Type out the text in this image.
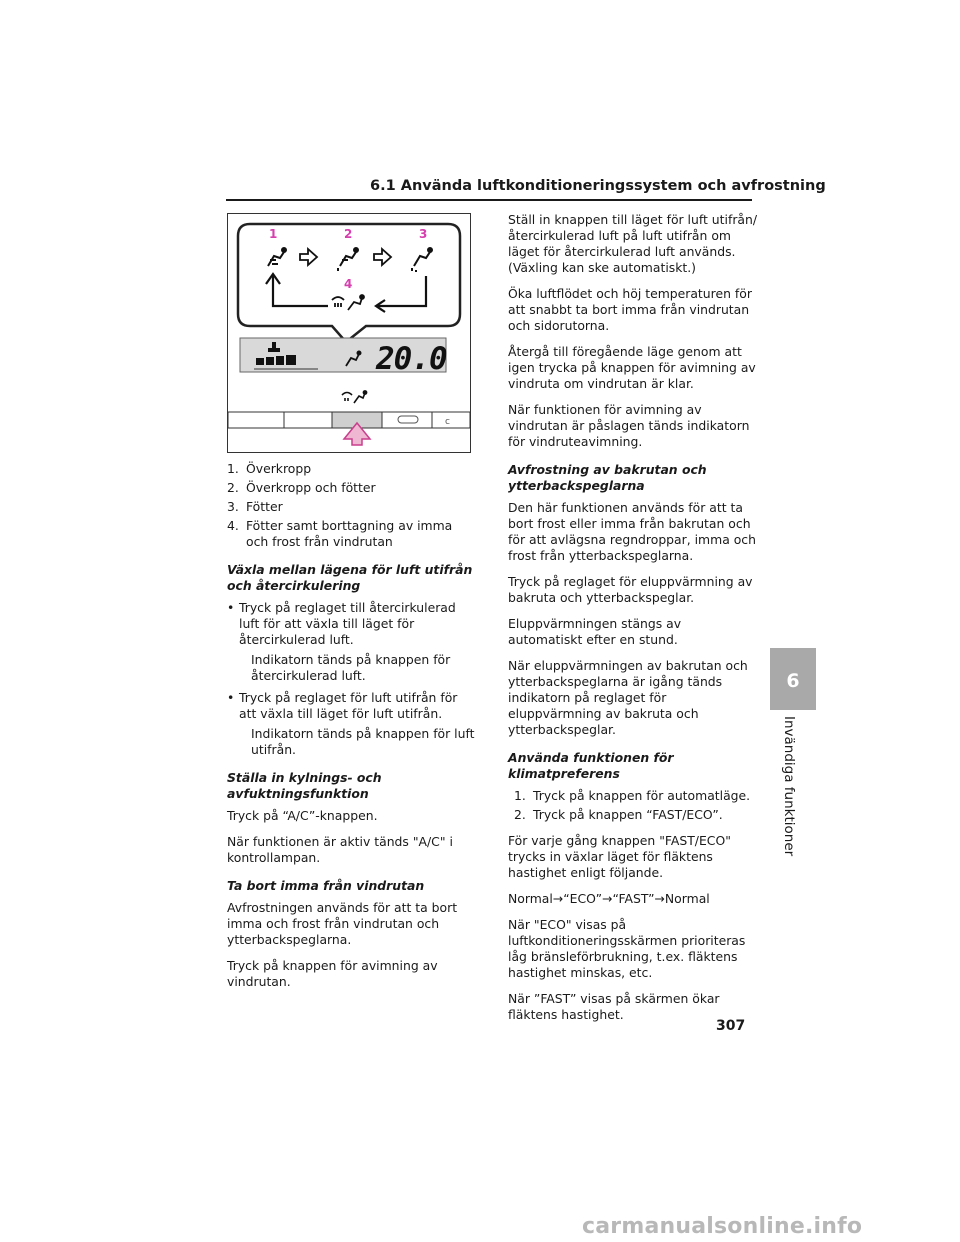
6.1 Använda luftkonditioneringssystem och avfrostning
1	2	3
4
20.0
c
1. Överkropp
2. Överkropp och fötter
3. Fötter
4. Fötter samt borttagning av imma och frost från vindrutan
Växla mellan lägena för luft utifrån och återcirkulering
• Tryck på reglaget till återcirkulerad luft för att växla till läget för återcirkulerad luft.
Indikatorn tänds på knappen för återcirkulerad luft.
• Tryck på reglaget för luft utifrån för att växla till läget för luft utifrån.
Indikatorn tänds på knappen för luft utifrån.
Ställa in kylnings- och avfuktningsfunktion

Tryck på “A/C”-knappen.

När funktionen är aktiv tänds "A/C" i kontrollampan.

Ta bort imma från vindrutan

Avfrostningen används för att ta bort imma och frost från vindrutan och ytterbackspeglarna.

Tryck på knappen för avimning av vindrutan.

Ställ in knappen till läget för luft utifrån/återcirkulerad luft på luft utifrån om läget för återcirkulerad luft används. (Växling kan ske automatiskt.)

Öka luftflödet och höj temperaturen för att snabbt ta bort imma från vindrutan och sidorutorna.

Återgå till föregående läge genom att igen trycka på knappen för avimning av vindruta om vindrutan är klar.

När funktionen för avimning av vindrutan är påslagen tänds indikatorn för vindruteavimning.

Avfrostning av bakrutan och ytterbackspeglarna

Den här funktionen används för att ta bort frost eller imma från bakrutan och för att avlägsna regndroppar, imma och frost från ytterbackspeglarna.

Tryck på reglaget för eluppvärmning av bakruta och ytterbackspeglar.

Eluppvärmningen stängs av automatiskt efter en stund.

När eluppvärmningen av bakrutan och ytterbackspeglarna är igång tänds indikatorn på reglaget för eluppvärmning av bakruta och ytterbackspeglar.

Använda funktionen för klimatpreferens
1. Tryck på knappen för automatläge.
2. Tryck på knappen “FAST/ECO”.

För varje gång knappen "FAST/ECO" trycks in växlar läget för fläktens hastighet enligt följande.

Normal→“ECO”→“FAST”→Normal

När "ECO" visas på luftkonditioneringsskärmen prioriteras låg bränsleförbrukning, t.ex. fläktens hastighet minskas, etc.

När ”FAST” visas på skärmen ökar fläktens hastighet.

6
Invändiga funktioner
307
carmanualsonline.info
